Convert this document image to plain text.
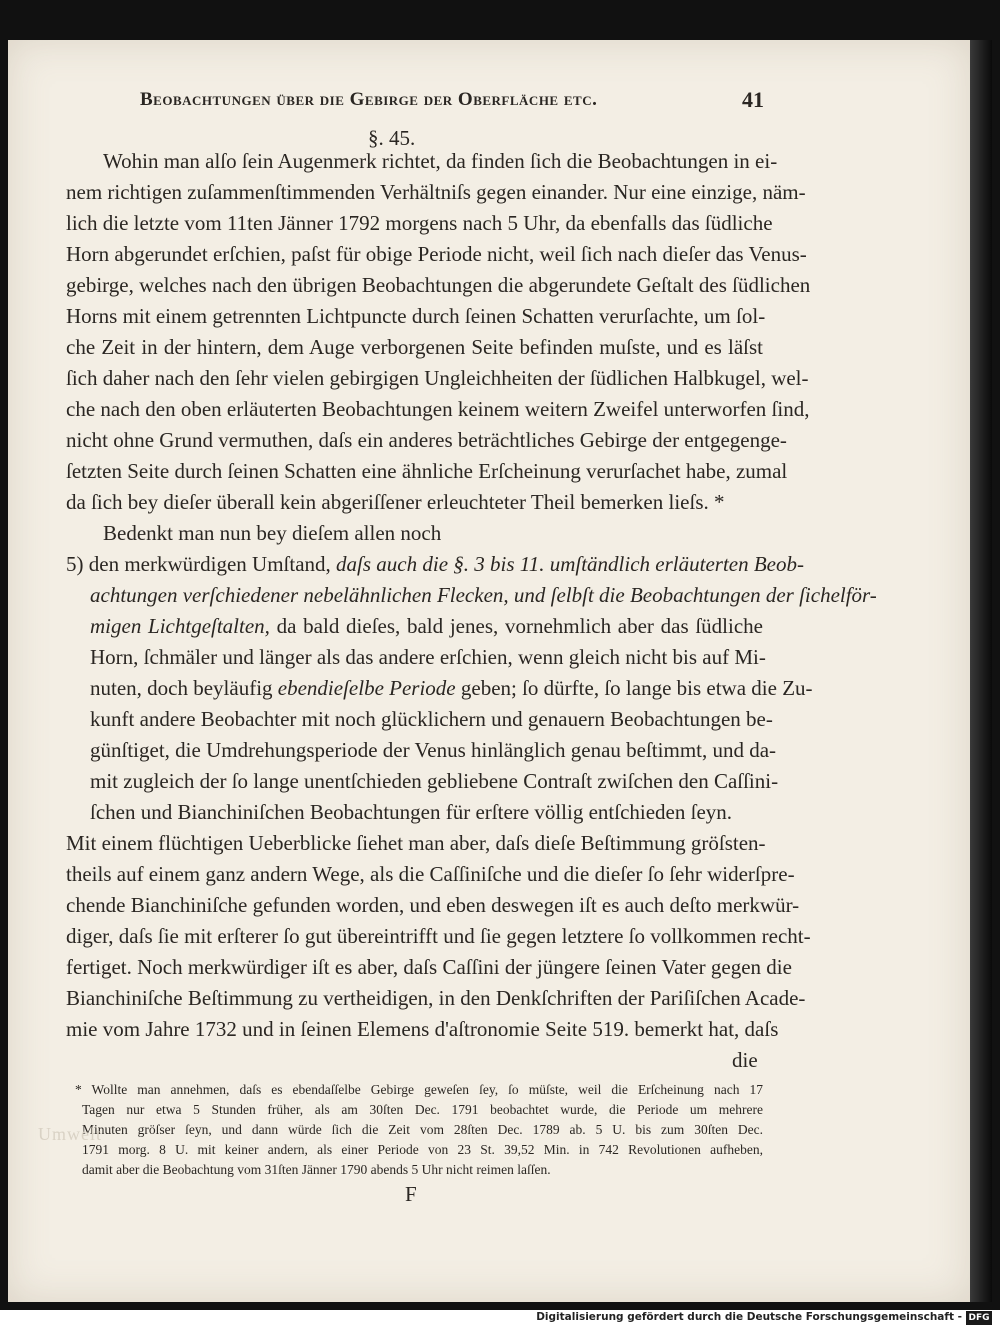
Beobachtungen über die Gebirge der Oberfläche etc.	41
§. 45.
Wohin man alſo ſein Augenmerk richtet, da finden ſich die Beobachtungen in ei-
nem richtigen zuſammenſtimmenden Verhältniſs gegen einander. Nur eine einzige, näm-
lich die letzte vom 11ten Jänner 1792 morgens nach 5 Uhr, da ebenfalls das ſüdliche
Horn abgerundet erſchien, paſst für obige Periode nicht, weil ſich nach dieſer das Venus-
gebirge, welches nach den übrigen Beobachtungen die abgerundete Geſtalt des ſüdlichen
Horns mit einem getrennten Lichtpuncte durch ſeinen Schatten verurſachte, um ſol-
che Zeit in der hintern, dem Auge verborgenen Seite befinden muſste, und es läſst
ſich daher nach den ſehr vielen gebirgigen Ungleichheiten der ſüdlichen Halbkugel, wel-
che nach den oben erläuterten Beobachtungen keinem weitern Zweifel unterworfen ſind,
nicht ohne Grund vermuthen, daſs ein anderes beträchtliches Gebirge der entgegenge-
ſetzten Seite durch ſeinen Schatten eine ähnliche Erſcheinung verurſachet habe, zumal
da ſich bey dieſer überall kein abgeriſſener erleuchteter Theil bemerken lieſs. *
Bedenkt man nun bey dieſem allen noch
5) den merkwürdigen Umſtand, daſs auch die §. 3 bis 11. umſtändlich erläuterten Beob-
achtungen verſchiedener nebelähnlichen Flecken, und ſelbſt die Beobachtungen der ſichelför-
migen Lichtgeſtalten, da bald dieſes, bald jenes, vornehmlich aber das ſüdliche
Horn, ſchmäler und länger als das andere erſchien, wenn gleich nicht bis auf Mi-
nuten, doch beyläufig ebendieſelbe Periode geben; ſo dürfte, ſo lange bis etwa die Zu-
kunft andere Beobachter mit noch glücklichern und genauern Beobachtungen be-
günſtiget, die Umdrehungsperiode der Venus hinlänglich genau beſtimmt, und da-
mit zugleich der ſo lange unentſchieden gebliebene Contraſt zwiſchen den Caſſini-
ſchen und Bianchiniſchen Beobachtungen für erſtere völlig entſchieden ſeyn.
Mit einem flüchtigen Ueberblicke ſiehet man aber, daſs dieſe Beſtimmung gröſsten-
theils auf einem ganz andern Wege, als die Caſſiniſche und die dieſer ſo ſehr widerſpre-
chende Bianchiniſche gefunden worden, und eben deswegen iſt es auch deſto merkwür-
diger, daſs ſie mit erſterer ſo gut übereintrifft und ſie gegen letztere ſo vollkommen recht-
fertiget. Noch merkwürdiger iſt es aber, daſs Caſſini der jüngere ſeinen Vater gegen die
Bianchiniſche Beſtimmung zu vertheidigen, in den Denkſchriften der Pariſiſchen Acade-
mie vom Jahre 1732 und in ſeinen Elemens d'aſtronomie Seite 519. bemerkt hat, daſs
die
* Wollte man annehmen, daſs es ebendaſſelbe Gebirge geweſen ſey, ſo müſste, weil die Erſcheinung nach 17
Tagen nur etwa 5 Stunden früher, als am 30ſten Dec. 1791 beobachtet wurde, die Periode um mehrere
Minuten gröſser ſeyn, und dann würde ſich die Zeit vom 28ſten Dec. 1789 ab. 5 U. bis zum 30ſten Dec.
1791 morg. 8 U. mit keiner andern, als einer Periode von 23 St. 39,52 Min. in 742 Revolutionen aufheben,
damit aber die Beobachtung vom 31ſten Jänner 1790 abends 5 Uhr nicht reimen laſſen.
Umwelt
F
Digitalisierung gefördert durch die Deutsche Forschungsgemeinschaft - DFG
